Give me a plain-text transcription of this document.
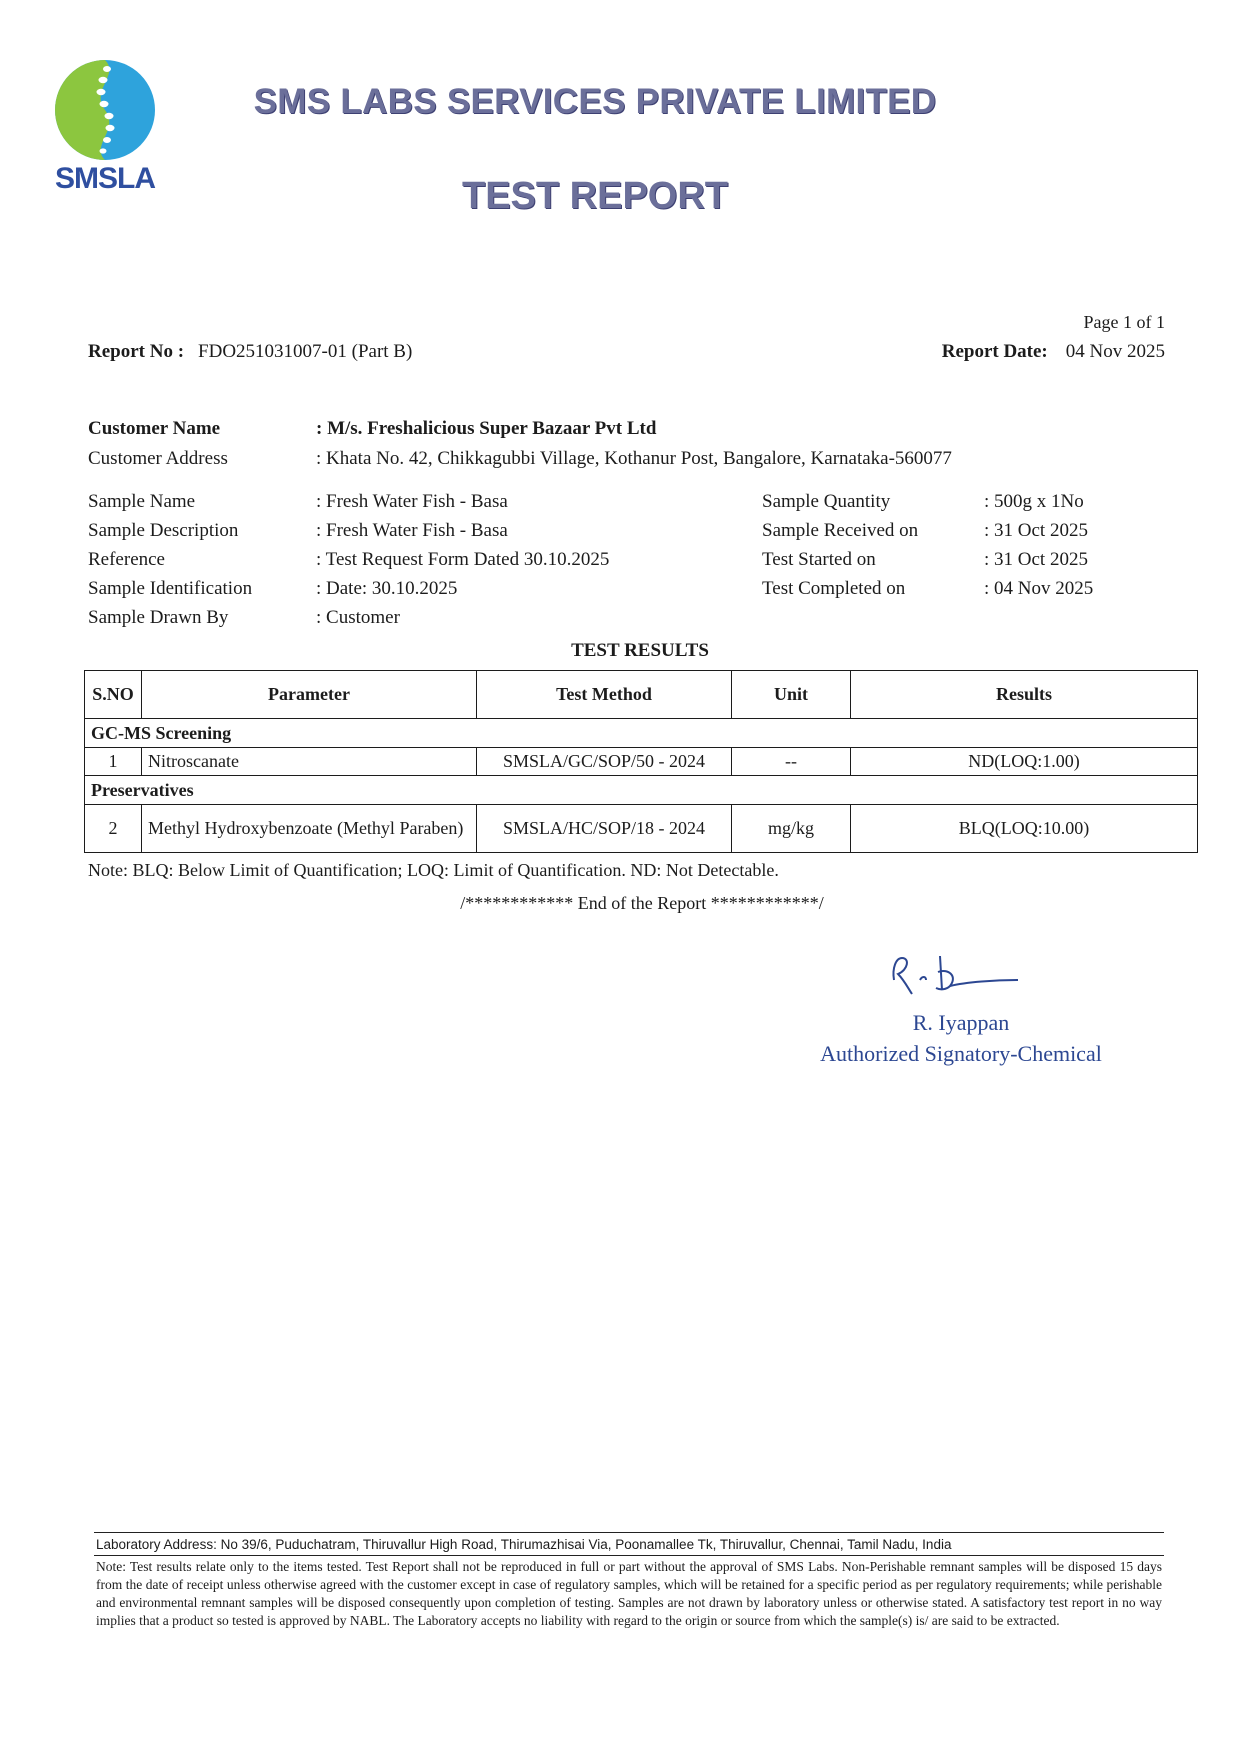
SMSLA
SMS LABS SERVICES PRIVATE LIMITED
TEST REPORT
Page 1 of 1
Report No : FDO251031007-01 (Part B)	Report Date: 04 Nov 2025
Customer Name	: M/s. Freshalicious Super Bazaar Pvt Ltd
Customer Address	: Khata No. 42, Chikkagubbi Village, Kothanur Post, Bangalore, Karnataka-560077
Sample Name	: Fresh Water Fish - Basa
Sample Description	: Fresh Water Fish - Basa
Reference	: Test Request Form Dated 30.10.2025
Sample Identification	: Date: 30.10.2025
Sample Drawn By	: Customer
Sample Quantity	: 500g x 1No
Sample Received on	: 31 Oct 2025
Test Started on	: 31 Oct 2025
Test Completed on	: 04 Nov 2025
TEST RESULTS
S.NO	Parameter	Test Method	Unit	Results
GC-MS Screening				
1	Nitroscanate	SMSLA/GC/SOP/50 - 2024	--	ND(LOQ:1.00)
Preservatives				
2	Methyl Hydroxybenzoate (Methyl Paraben)	SMSLA/HC/SOP/18 - 2024	mg/kg	BLQ(LOQ:10.00)
Note: BLQ: Below Limit of Quantification; LOQ: Limit of Quantification. ND: Not Detectable.
/************ End of the Report ************/
R. Iyappan
Authorized Signatory-Chemical
Laboratory Address: No 39/6, Puduchatram, Thiruvallur High Road, Thirumazhisai Via, Poonamallee Tk, Thiruvallur, Chennai, Tamil Nadu, India
Note: Test results relate only to the items tested. Test Report shall not be reproduced in full or part without the approval of SMS Labs. Non-Perishable remnant samples will be disposed 15 days from the date of receipt unless otherwise agreed with the customer except in case of regulatory samples, which will be retained for a specific period as per regulatory requirements; while perishable and environmental remnant samples will be disposed consequently upon completion of testing. Samples are not drawn by laboratory unless or otherwise stated. A satisfactory test report in no way implies that a product so tested is approved by NABL. The Laboratory accepts no liability with regard to the origin or source from which the sample(s) is/ are said to be extracted.
